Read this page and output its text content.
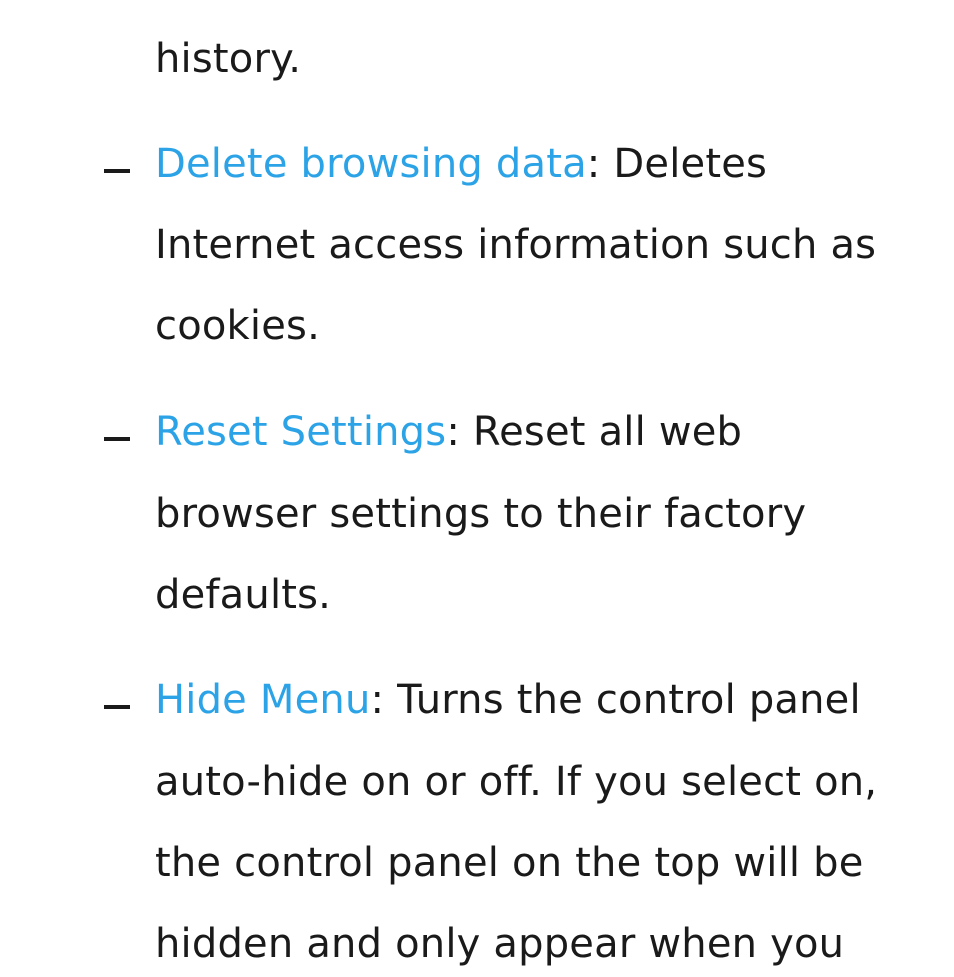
history.
Delete browsing data: Deletes
Internet access information such as
cookies.
Reset Settings: Reset all web
browser settings to their factory
defaults.
Hide Menu: Turns the control panel
auto-hide on or off. If you select on,
the control panel on the top will be
hidden and only appear when you
